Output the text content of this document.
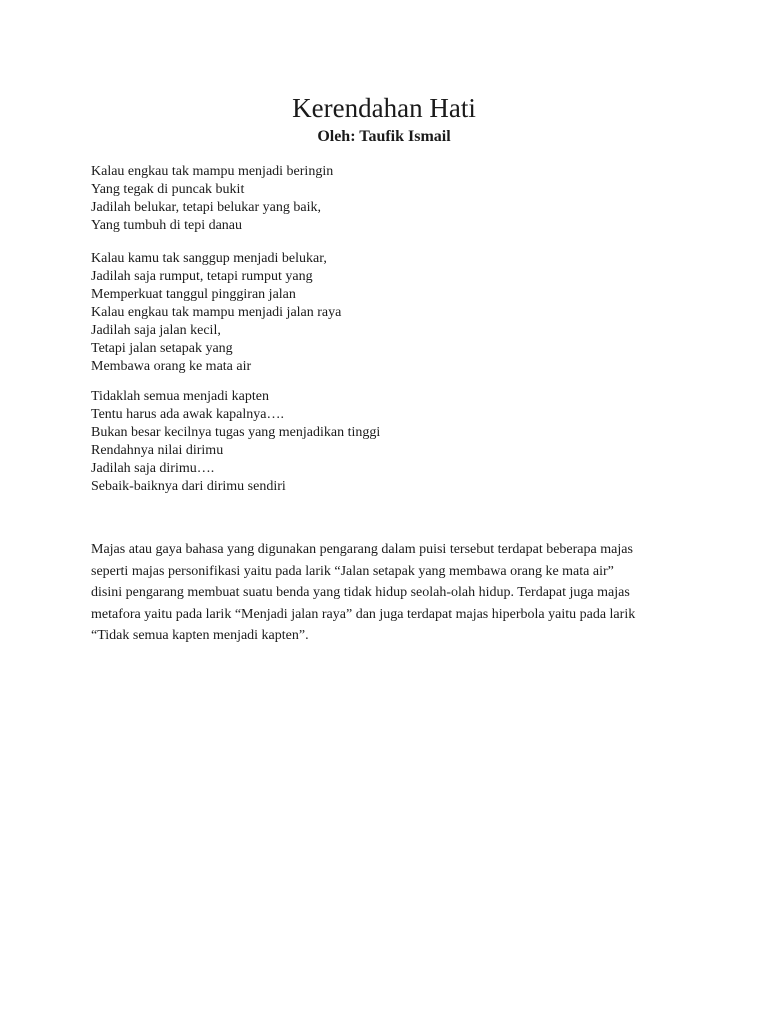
Kerendahan Hati

Oleh: Taufik Ismail

Kalau engkau tak mampu menjadi beringin
Yang tegak di puncak bukit
Jadilah belukar, tetapi belukar yang baik,
Yang tumbuh di tepi danau
Kalau kamu tak sanggup menjadi belukar,
Jadilah saja rumput, tetapi rumput yang
Memperkuat tanggul pinggiran jalan
Kalau engkau tak mampu menjadi jalan raya
Jadilah saja jalan kecil,
Tetapi jalan setapak yang
Membawa orang ke mata air
Tidaklah semua menjadi kapten
Tentu harus ada awak kapalnya….
Bukan besar kecilnya tugas yang menjadikan tinggi
Rendahnya nilai dirimu
Jadilah saja dirimu….
Sebaik-baiknya dari dirimu sendiri
Majas atau gaya bahasa yang digunakan pengarang dalam puisi tersebut terdapat beberapa majas
seperti majas personifikasi yaitu pada larik “Jalan setapak yang membawa orang ke mata air”
disini pengarang membuat suatu benda yang tidak hidup seolah-olah hidup. Terdapat juga majas
metafora yaitu pada larik “Menjadi jalan raya” dan juga terdapat majas hiperbola yaitu pada larik
“Tidak semua kapten menjadi kapten”.
